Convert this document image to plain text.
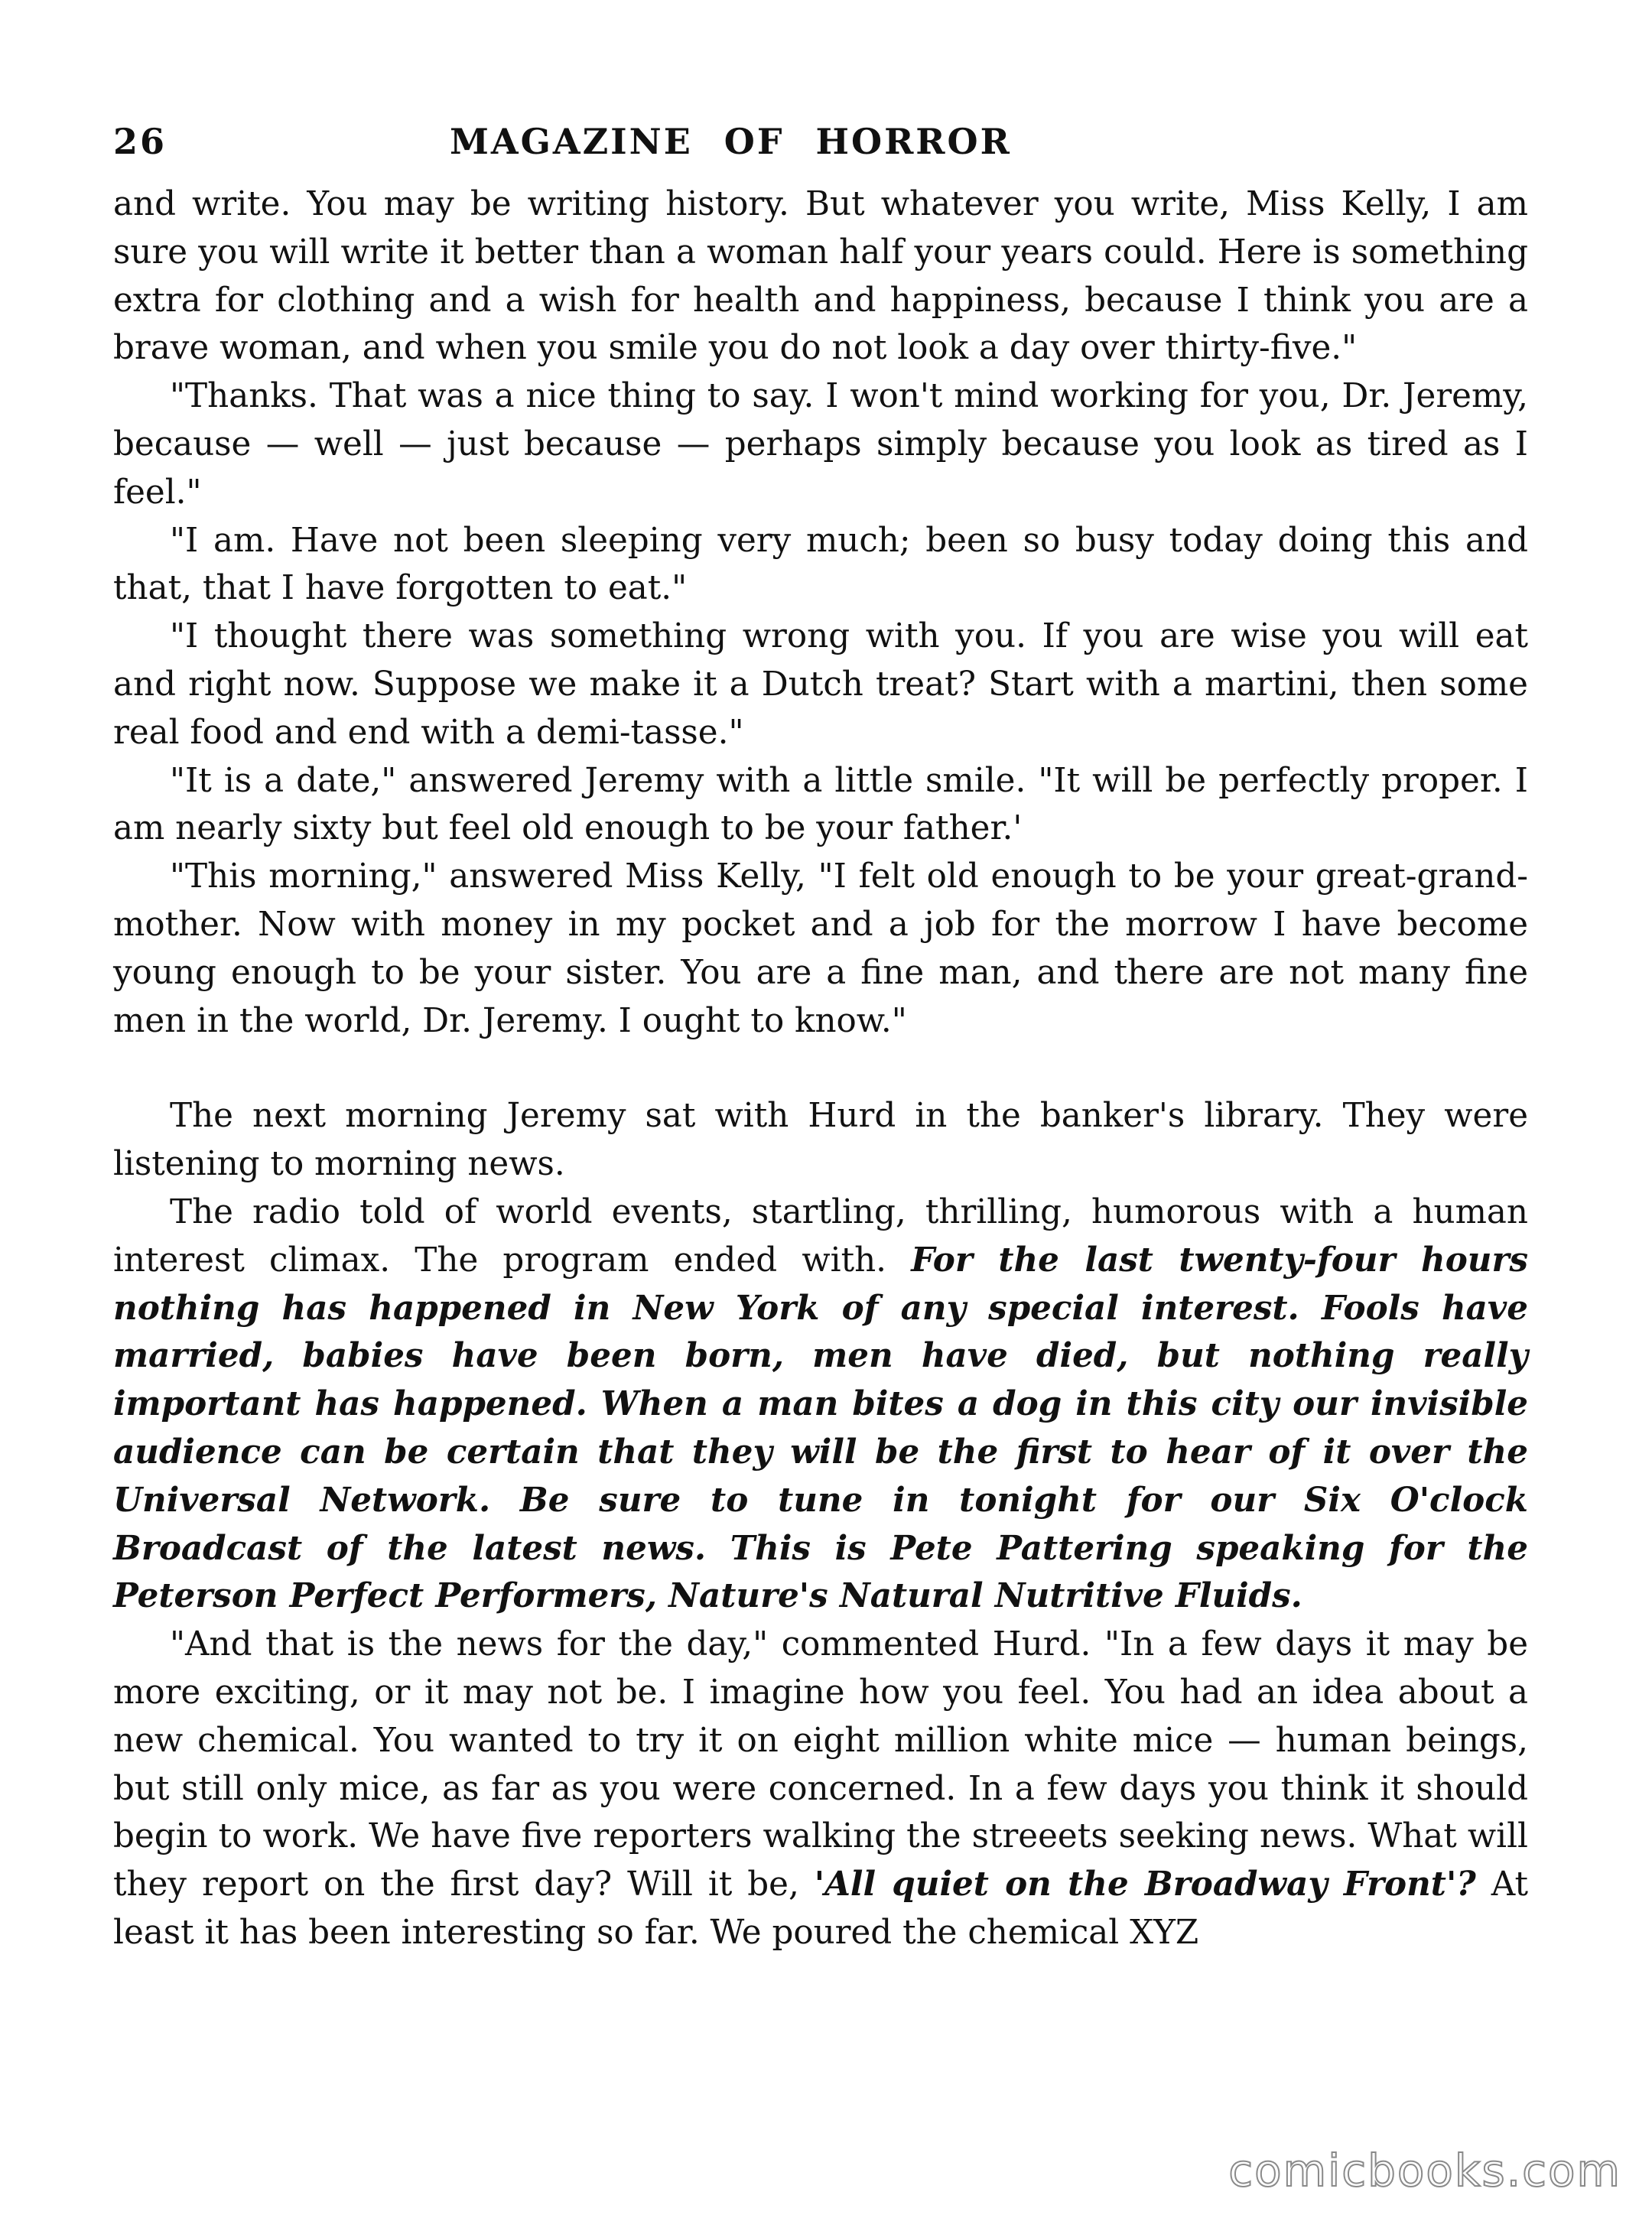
26	MAGAZINE OF HORROR

and write. You may be writing history. But whatever you write, Miss Kelly, I am sure you will write it better than a woman half your years could. Here is something extra for clothing and a wish for health and happiness, because I think you are a brave woman, and when you smile you do not look a day over thirty-five."

"Thanks. That was a nice thing to say. I won't mind working for you, Dr. Jeremy, because — well — just because — perhaps simply because you look as tired as I feel."

"I am. Have not been sleeping very much; been so busy today doing this and that, that I have forgotten to eat."

"I thought there was something wrong with you. If you are wise you will eat and right now. Suppose we make it a Dutch treat? Start with a martini, then some real food and end with a demi-tasse."

"It is a date," answered Jeremy with a little smile. "It will be perfectly proper. I am nearly sixty but feel old enough to be your father.'

"This morning," answered Miss Kelly, "I felt old enough to be your great-grand-mother. Now with money in my pocket and a job for the morrow I have become young enough to be your sister. You are a fine man, and there are not many fine men in the world, Dr. Jeremy. I ought to know."

The next morning Jeremy sat with Hurd in the banker's library. They were listening to morning news.

The radio told of world events, startling, thrilling, humorous with a human interest climax. The program ended with. For the last twenty-four hours nothing has happened in New York of any special interest. Fools have married, babies have been born, men have died, but nothing really important has happened. When a man bites a dog in this city our invisible audience can be certain that they will be the first to hear of it over the Universal Network. Be sure to tune in tonight for our Six O'clock Broadcast of the latest news. This is Pete Pattering speaking for the Peterson Perfect Performers, Nature's Natural Nutritive Fluids.

"And that is the news for the day," commented Hurd. "In a few days it may be more exciting, or it may not be. I imagine how you feel. You had an idea about a new chemical. You wanted to try it on eight million white mice — human beings, but still only mice, as far as you were concerned. In a few days you think it should begin to work. We have five reporters walking the streeets seeking news. What will they report on the first day? Will it be, 'All quiet on the Broadway Front'? At least it has been interesting so far. We poured the chemical XYZ

comicbooks.com
